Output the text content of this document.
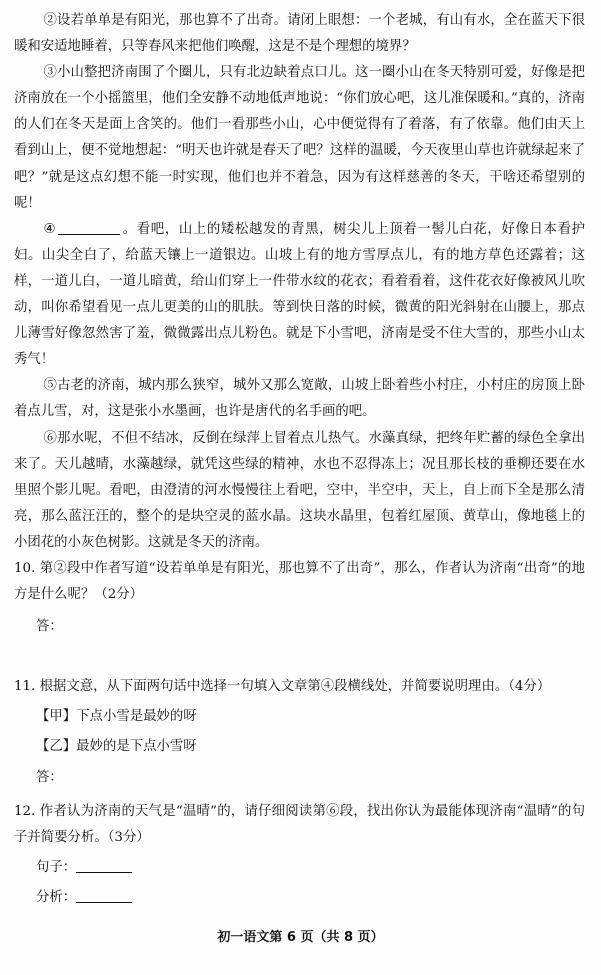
②设若单单是有阳光，那也算不了出奇。请闭上眼想：一个老城，有山有水，全在蓝天下很暖和安适地睡着，只等春风来把他们唤醒，这是不是个理想的境界？

③小山整把济南围了个圈儿，只有北边缺着点口儿。这一圈小山在冬天特别可爱，好像是把济南放在一个小摇篮里，他们全安静不动地低声地说：“你们放心吧，这儿准保暖和。”真的，济南的人们在冬天是面上含笑的。他们一看那些小山，心中便觉得有了着落，有了依靠。他们由天上看到山上，便不觉地想起：“明天也许就是春天了吧？这样的温暖，今天夜里山草也许就绿起来了吧？”就是这点幻想不能一时实现，他们也并不着急，因为有这样慈善的冬天，干啥还希望别的呢！

④	。看吧，山上的矮松越发的青黑，树尖儿上顶着一髻儿白花，好像日本看护妇。山尖全白了，给蓝天镶上一道银边。山坡上有的地方雪厚点儿，有的地方草色还露着；这样，一道儿白，一道儿暗黄，给山们穿上一件带水纹的花衣；看着看着，这件花衣好像被风儿吹动，叫你希望看见一点儿更美的山的肌肤。等到快日落的时候，微黄的阳光斜射在山腰上，那点儿薄雪好像忽然害了羞，微微露出点儿粉色。就是下小雪吧，济南是受不住大雪的，那些小山太秀气！

⑤古老的济南，城内那么狭窄，城外又那么宽敞，山坡上卧着些小村庄，小村庄的房顶上卧着点儿雪，对，这是张小水墨画，也许是唐代的名手画的吧。

⑥那水呢，不但不结冰，反倒在绿萍上冒着点儿热气。水藻真绿，把终年贮蓄的绿色全拿出来了。天儿越晴，水藻越绿，就凭这些绿的精神，水也不忍得冻上；况且那长枝的垂柳还要在水里照个影儿呢。看吧，由澄清的河水慢慢往上看吧，空中，半空中，天上，自上而下全是那么清亮，那么蓝汪汪的，整个的是块空灵的蓝水晶。这块水晶里，包着红屋顶、黄草山，像地毯上的小团花的小灰色树影。这就是冬天的济南。

10. 第②段中作者写道“设若单单是有阳光，那也算不了出奇”，那么，作者认为济南“出奇”的地方是什么呢？（2分）

答：

11. 根据文意，从下面两句话中选择一句填入文章第④段横线处，并简要说明理由。（4分）

【甲】下点小雪是最妙的呀

【乙】最妙的是下点小雪呀

答：

12. 作者认为济南的天气是“温晴”的，请仔细阅读第⑥段，找出你认为最能体现济南“温晴”的句子并简要分析。（3分）

句子：

分析：

初一语文第 6 页（共 8 页）
